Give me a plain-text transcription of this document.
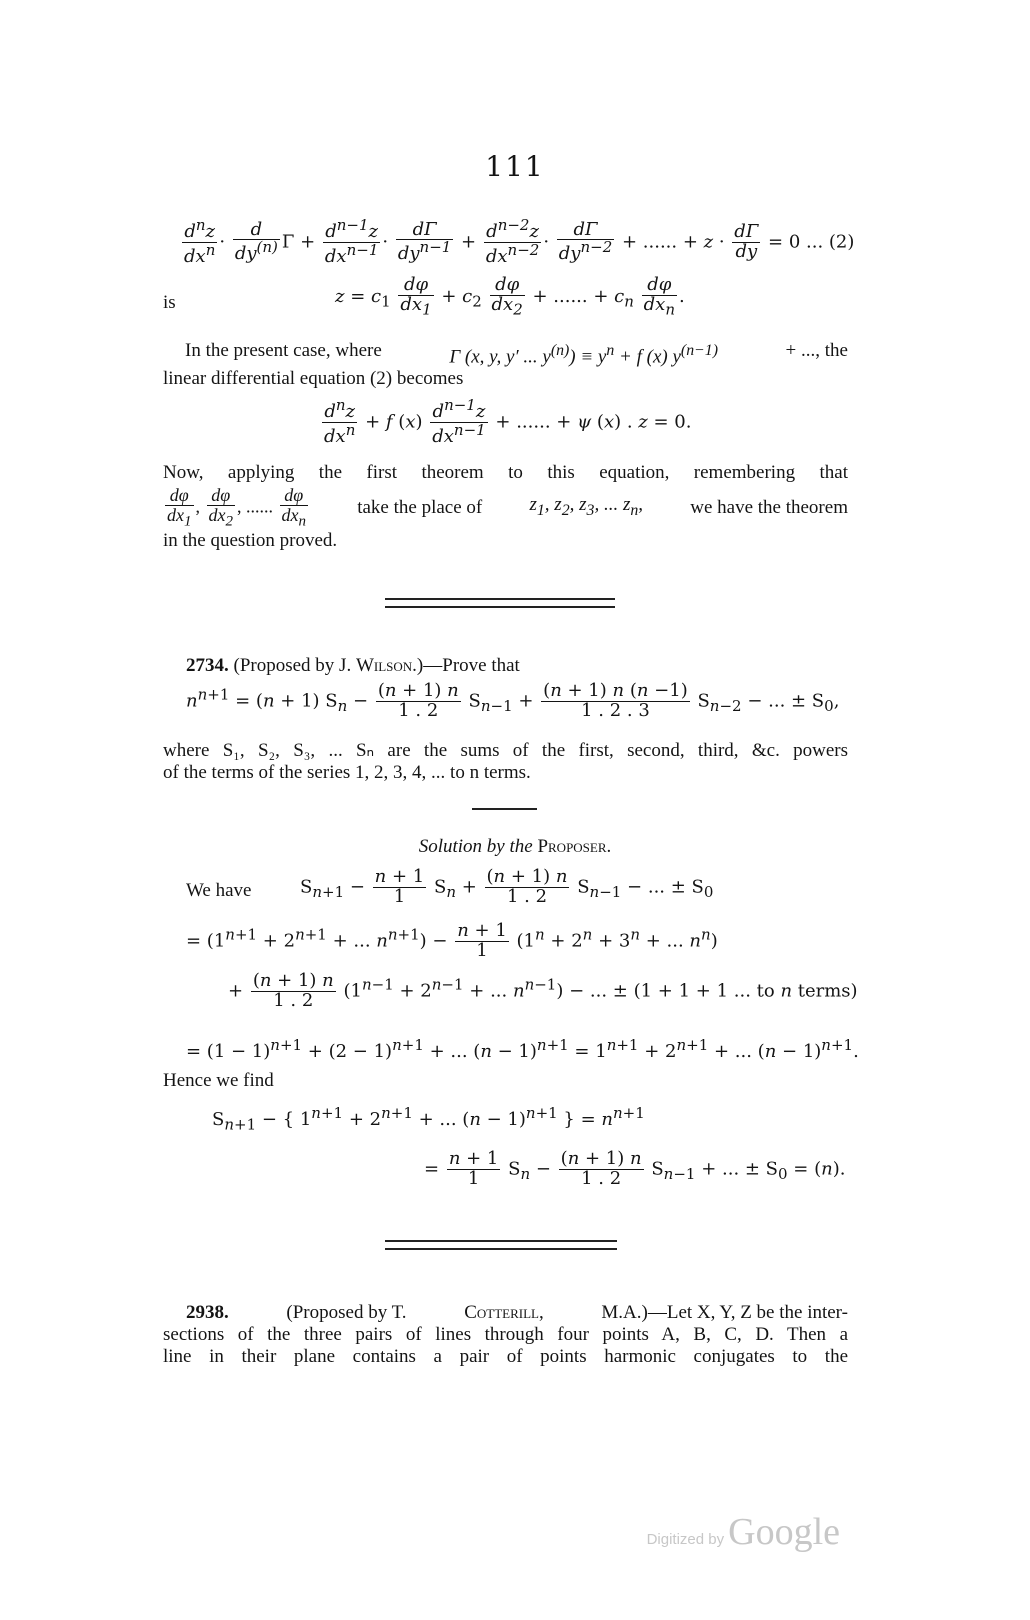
111
$\frac{d^nz}{dx^n} \cdot \frac{d}{dy^{(n)}}$ $\Gamma + \frac{d^{n-1}z}{dx^{n-1}} \cdot \frac{d\Gamma}{dy^{n-1}} + \frac{d^{n-2}z}{dx^{n-2}} \cdot \frac{d\Gamma}{dy^{n-2}}$ + ...... + $z \cdot \frac{d\Gamma}{dy} = 0$ ... (2)
is	$z = c_1 \frac{d\varphi}{dx_1} + c_2 \frac{d\varphi}{dx_2}$ + ...... + $c_n \frac{d\varphi}{dx_n}$ .
In the present case, where	Γ (x, y, y′ ... $y^{(n)}) \equiv y^n + f$ (x) $y^{(n-1)}$	+ ..., the
linear differential equation (2) becomes
$\frac{d^nz}{dx^n} + f$ $(x) \frac{d^{n-1}z}{dx^{n-1}}$ + ...... + ψ (x) . z = 0.
Now, applying the first theorem to this equation, remembering that
$\frac{d\varphi}{dx_1}$ , $\frac{d\varphi}{dx_2}$ , ...... $\frac{d\varphi}{dx_n}$	take the place of $z_1$, $z_2$, $z_3$, ... $z_n$, we have the theorem
in the question proved.
2734. (Proposed by J. Wilson.)—Prove that
$n^{n+1} = (n + 1) S_n - \frac{(n + 1) n}{1 . 2} S_{n-1} + \frac{(n + 1) n (n -1)}{1 . 2 . 3} S_{n-2}$ − ... ± $S_0$,
where S₁, S₂, S₃, ... Sₙ are the sums of the first, second, third, &c. powers
of the terms of the series 1, 2, 3, 4, ... to n terms.
Solution by the Proposer.
We have	$S_{n+1} - \frac{n + 1}{1} S_n + \frac{(n + 1) n}{1 . 2} S_{n-1}$ − ... ± $S_0$
= ($1^{n+1} + 2^{n+1}$ + ... $n^{n+1}) - \frac{n + 1}{1} (1^n + 2^n + 3^n$ + ... $n^n$)
+ $\frac{(n + 1) n}{1 . 2} (1^{n-1} + 2^{n-1}$ + ... $n^{n-1}$) − ... ± (1 + 1 + 1 ... to n terms)
= $(1 - 1)^{n+1} + (2 - 1)^{n+1}$ + ... $(n - 1)^{n+1} = 1^{n+1} + 2^{n+1}$ + ... $(n - 1)^{n+1}$.
Hence we find
$S_{n+1}$ − { $1^{n+1} + 2^{n+1}$ + ... $(n - 1)^{n+1}$ } = $n^{n+1}$
= $\frac{n + 1}{1} S_n - \frac{(n + 1) n}{1 . 2} S_{n-1}$ + ... ± $S_0 = (n)$.
2938.	(Proposed by T.	Cotterill,	M.A.)—Let X, Y, Z be the inter-
sections of the three pairs of lines through four points A, B, C, D. Then a
line in their plane contains a pair of points harmonic conjugates to the
Digitized by Google
